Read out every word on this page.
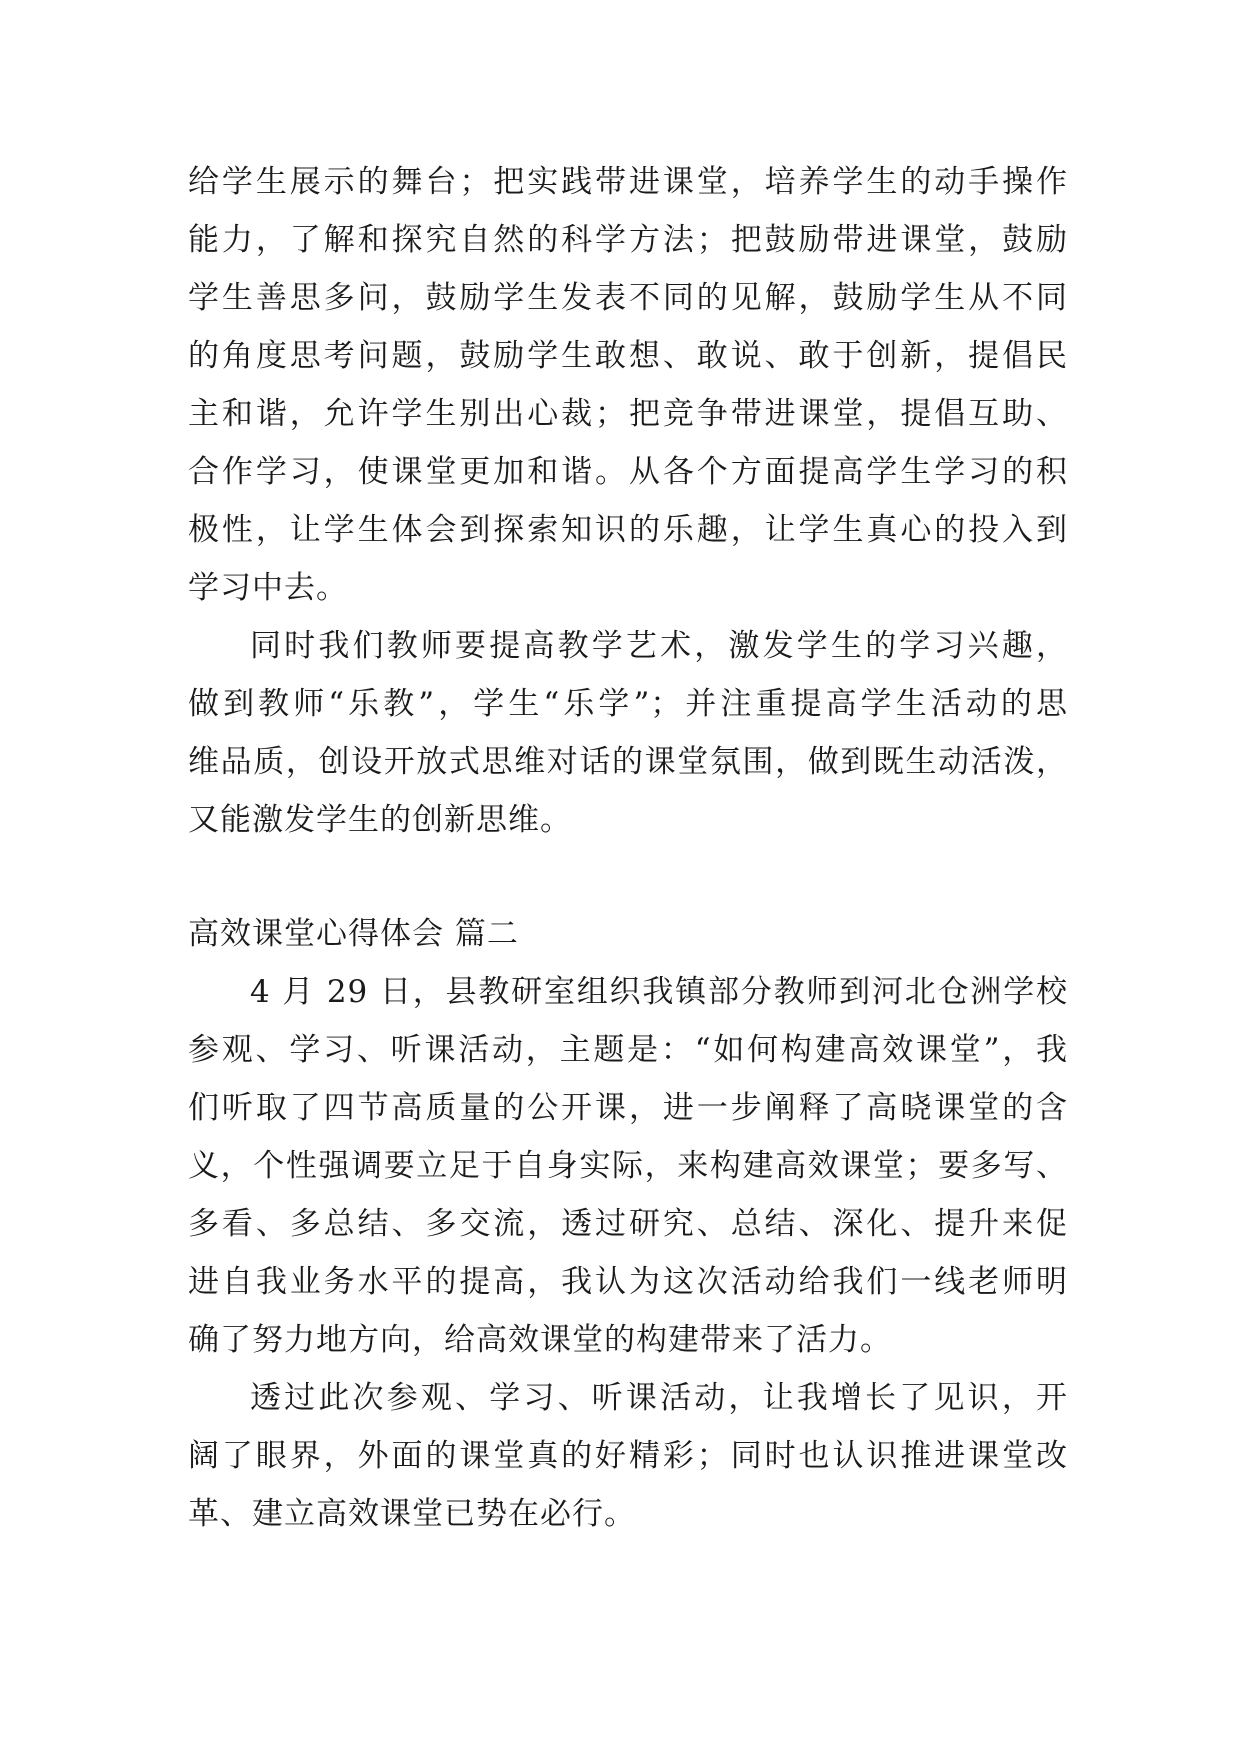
给学生展示的舞台；把实践带进课堂，培养学生的动手操作
能力，了解和探究自然的科学方法；把鼓励带进课堂，鼓励
学生善思多问，鼓励学生发表不同的见解，鼓励学生从不同
的角度思考问题，鼓励学生敢想、敢说、敢于创新，提倡民
主和谐，允许学生别出心裁；把竞争带进课堂，提倡互助、
合作学习，使课堂更加和谐。从各个方面提高学生学习的积
极性，让学生体会到探索知识的乐趣，让学生真心的投入到
学习中去。
同时我们教师要提高教学艺术，激发学生的学习兴趣，
做到教师“乐教”，学生“乐学”；并注重提高学生活动的思
维品质，创设开放式思维对话的课堂氛围，做到既生动活泼，
又能激发学生的创新思维。
高效课堂心得体会 篇二
4 月 29 日，县教研室组织我镇部分教师到河北仓洲学校
参观、学习、听课活动，主题是：“如何构建高效课堂”，我
们听取了四节高质量的公开课，进一步阐释了高晓课堂的含
义，个性强调要立足于自身实际，来构建高效课堂；要多写、
多看、多总结、多交流，透过研究、总结、深化、提升来促
进自我业务水平的提高，我认为这次活动给我们一线老师明
确了努力地方向，给高效课堂的构建带来了活力。
透过此次参观、学习、听课活动，让我增长了见识，开
阔了眼界，外面的课堂真的好精彩；同时也认识推进课堂改
革、建立高效课堂已势在必行。
